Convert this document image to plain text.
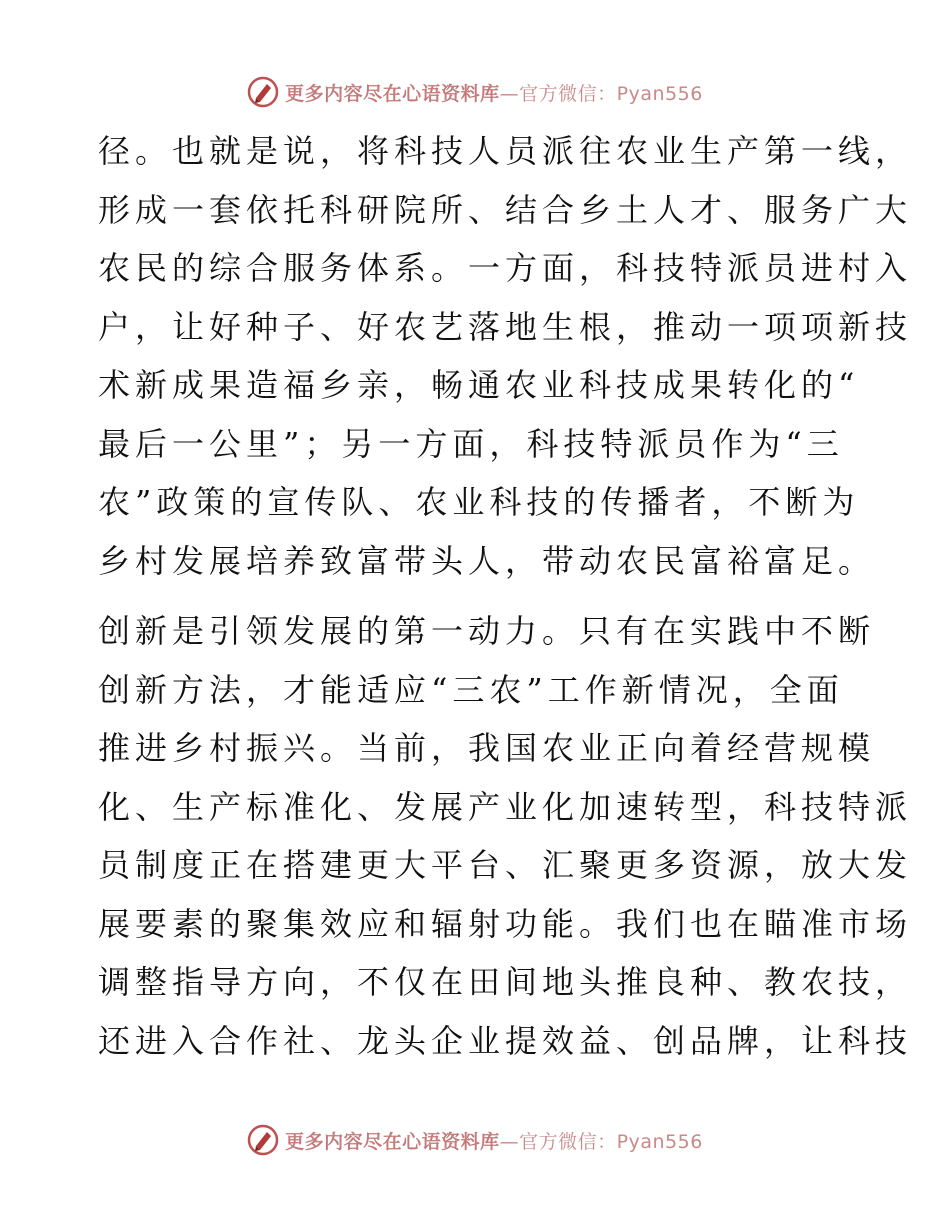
更多内容尽在心语资料库—官方微信：Pyan556

径。也就是说，将科技人员派往农业生产第一线，
形成一套依托科研院所、结合乡土人才、服务广大
农民的综合服务体系。一方面，科技特派员进村入
户，让好种子、好农艺落地生根，推动一项项新技
术新成果造福乡亲，畅通农业科技成果转化的“
最后一公里”；另一方面，科技特派员作为“三
农”政策的宣传队、农业科技的传播者，不断为
乡村发展培养致富带头人，带动农民富裕富足。

创新是引领发展的第一动力。只有在实践中不断
创新方法，才能适应“三农”工作新情况，全面
推进乡村振兴。当前，我国农业正向着经营规模
化、生产标准化、发展产业化加速转型，科技特派
员制度正在搭建更大平台、汇聚更多资源，放大发
展要素的聚集效应和辐射功能。我们也在瞄准市场
调整指导方向，不仅在田间地头推良种、教农技，
还进入合作社、龙头企业提效益、创品牌，让科技

更多内容尽在心语资料库—官方微信：Pyan556
